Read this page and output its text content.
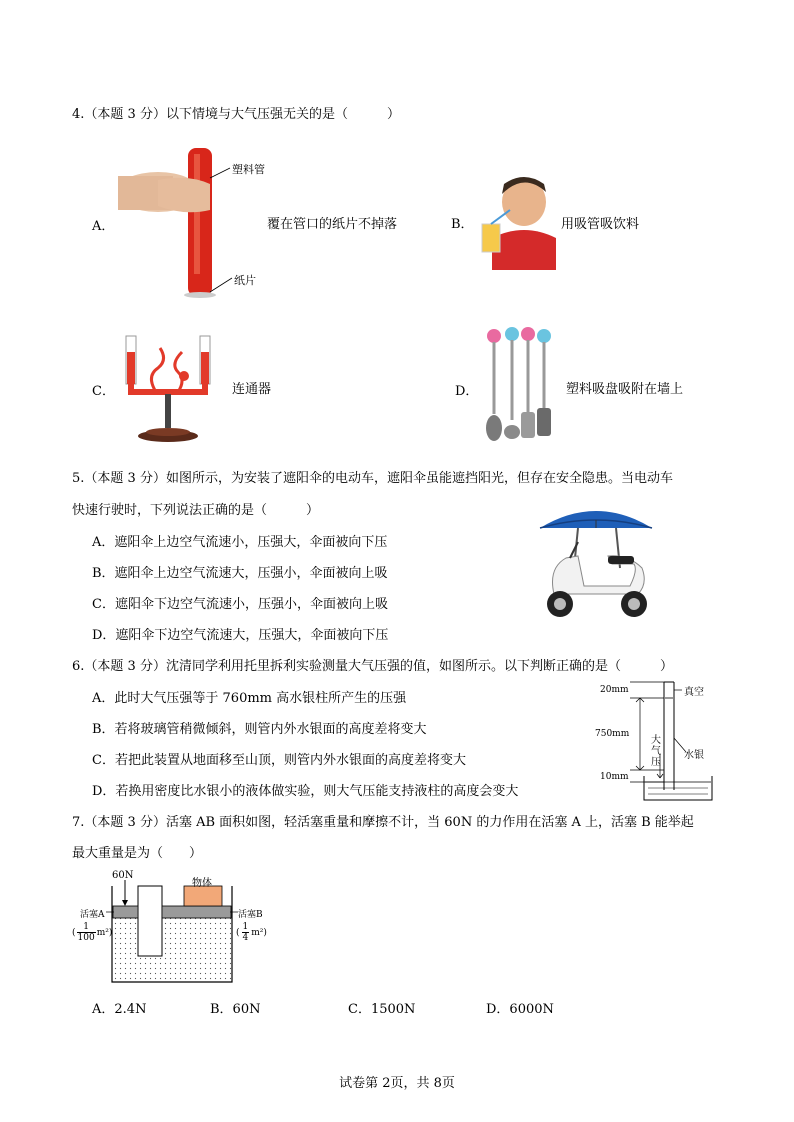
4.（本题 3 分）以下情境与大气压强无关的是（　　　）
塑料管
纸片
A．	覆在管口的纸片不掉落	B．	用吸管吸饮料
C．	连通器	D．	塑料吸盘吸附在墙上
5.（本题 3 分）如图所示，为安装了遮阳伞的电动车，遮阳伞虽能遮挡阳光，但存在安全隐患。当电动车
快速行驶时，下列说法正确的是（　　　）
A．遮阳伞上边空气流速小，压强大，伞面被向下压
B．遮阳伞上边空气流速大，压强小，伞面被向上吸
C．遮阳伞下边空气流速小，压强小，伞面被向上吸
D．遮阳伞下边空气流速大，压强大，伞面被向下压
6.（本题 3 分）沈清同学利用托里拆利实验测量大气压强的值，如图所示。以下判断正确的是（　　　）
A．此时大气压强等于 760mm 高水银柱所产生的压强
B．若将玻璃管稍微倾斜，则管内外水银面的高度差将变大
C．若把此装置从地面移至山顶，则管内外水银面的高度差将变大
D．若换用密度比水银小的液体做实验，则大气压能支持液柱的高度会变大
20mm
750mm
10mm
真空
水银
大
气
压
7.（本题 3 分）活塞 AB 面积如图，轻活塞重量和摩擦不计，当 60N 的力作用在活塞 A 上，活塞 B 能举起
最大重量是为（　　）
60N
物体
活塞A	活塞B
(
1
100
m² )	(
1
4
m² )
A．2.4N	B．60N	C．1500N	D．6000N
试卷第 2页，共 8页
